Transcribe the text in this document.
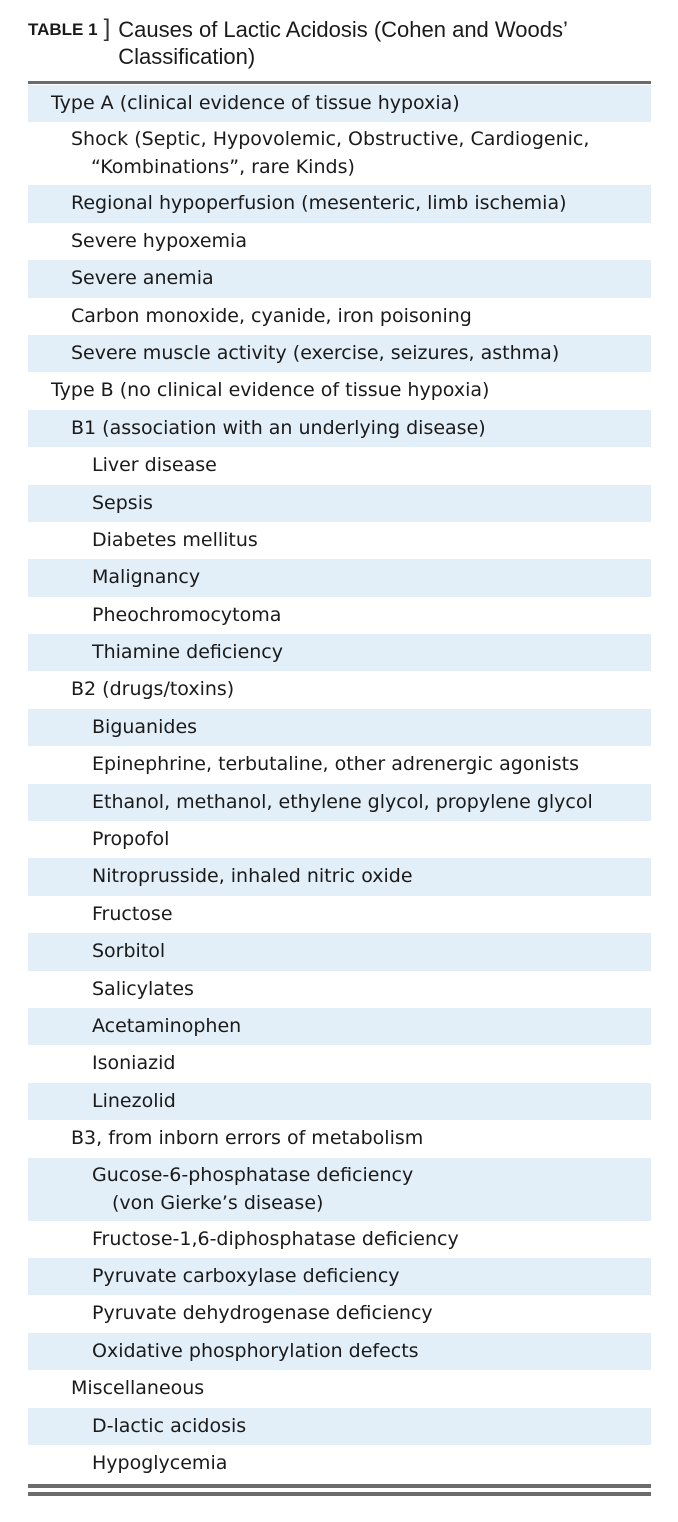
TABLE 1 ] Causes of Lactic Acidosis (Cohen and Woods’ Classification)
Type A (clinical evidence of tissue hypoxia)
Shock (Septic, Hypovolemic, Obstructive, Cardiogenic,
“Kombinations”, rare Kinds)
Regional hypoperfusion (mesenteric, limb ischemia)
Severe hypoxemia
Severe anemia
Carbon monoxide, cyanide, iron poisoning
Severe muscle activity (exercise, seizures, asthma)
Type B (no clinical evidence of tissue hypoxia)
B1 (association with an underlying disease)
Liver disease
Sepsis
Diabetes mellitus
Malignancy
Pheochromocytoma
Thiamine deficiency
B2 (drugs/toxins)
Biguanides
Epinephrine, terbutaline, other adrenergic agonists
Ethanol, methanol, ethylene glycol, propylene glycol
Propofol
Nitroprusside, inhaled nitric oxide
Fructose
Sorbitol
Salicylates
Acetaminophen
Isoniazid
Linezolid
B3, from inborn errors of metabolism
Gucose-6-phosphatase deficiency
(von Gierke’s disease)
Fructose-1,6-diphosphatase deficiency
Pyruvate carboxylase deficiency
Pyruvate dehydrogenase deficiency
Oxidative phosphorylation defects
Miscellaneous
D-lactic acidosis
Hypoglycemia
